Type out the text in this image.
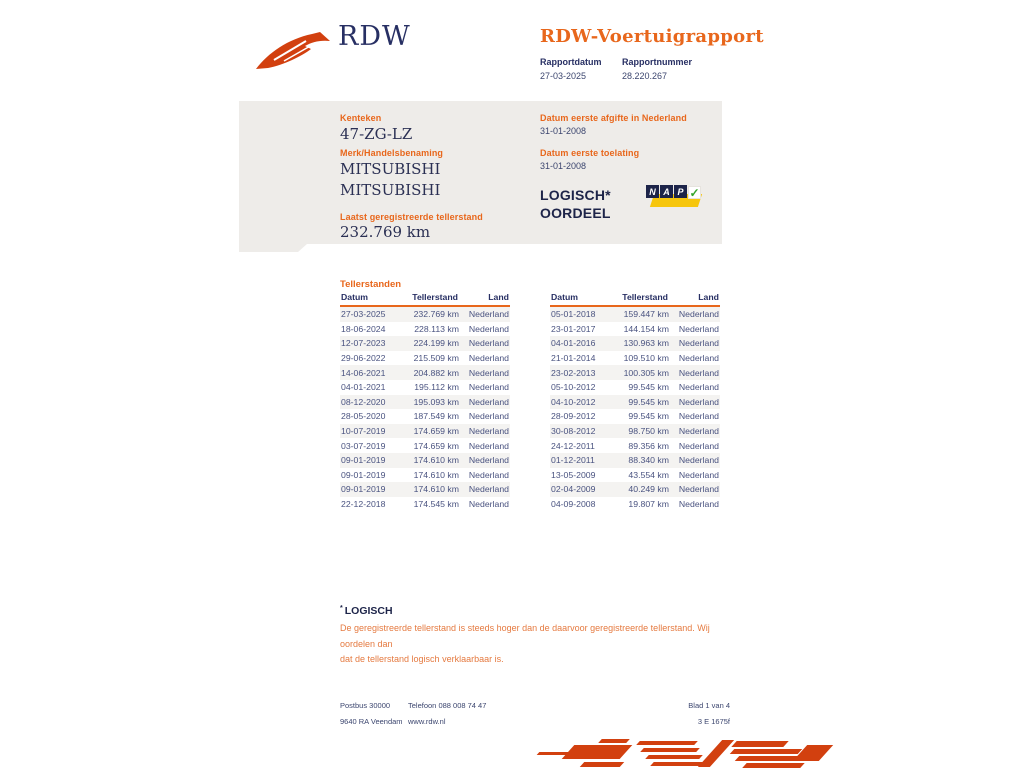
RDW	RDW-Voertuigrapport
Rapportdatum
27-03-2025
Rapportnummer
28.220.267
Kenteken
47-ZG-LZ
Merk/Handelsbenaming
MITSUBISHI
MITSUBISHI
Laatst geregistreerde tellerstand
232.769 km
Datum eerste afgifte in Nederland
31-01-2008
Datum eerste toelating
31-01-2008
LOGISCH*
OORDEEL
N A P ✓
Tellerstanden
Datum	Tellerstand	Land
27-03-2025	232.769 km	Nederland
18-06-2024	228.113 km	Nederland
12-07-2023	224.199 km	Nederland
29-06-2022	215.509 km	Nederland
14-06-2021	204.882 km	Nederland
04-01-2021	195.112 km	Nederland
08-12-2020	195.093 km	Nederland
28-05-2020	187.549 km	Nederland
10-07-2019	174.659 km	Nederland
03-07-2019	174.659 km	Nederland
09-01-2019	174.610 km	Nederland
09-01-2019	174.610 km	Nederland
09-01-2019	174.610 km	Nederland
22-12-2018	174.545 km	Nederland
Datum	Tellerstand	Land
05-01-2018	159.447 km	Nederland
23-01-2017	144.154 km	Nederland
04-01-2016	130.963 km	Nederland
21-01-2014	109.510 km	Nederland
23-02-2013	100.305 km	Nederland
05-10-2012	99.545 km	Nederland
04-10-2012	99.545 km	Nederland
28-09-2012	99.545 km	Nederland
30-08-2012	98.750 km	Nederland
24-12-2011	89.356 km	Nederland
01-12-2011	88.340 km	Nederland
13-05-2009	43.554 km	Nederland
02-04-2009	40.249 km	Nederland
04-09-2008	19.807 km	Nederland
* LOGISCH
De geregistreerde tellerstand is steeds hoger dan de daarvoor geregistreerde tellerstand. Wij oordelen dan
dat de tellerstand logisch verklaarbaar is.
Postbus 30000	Telefoon 088 008 74 47	Blad 1 van 4
9640 RA Veendam www.rdw.nl	3 E 1675f
